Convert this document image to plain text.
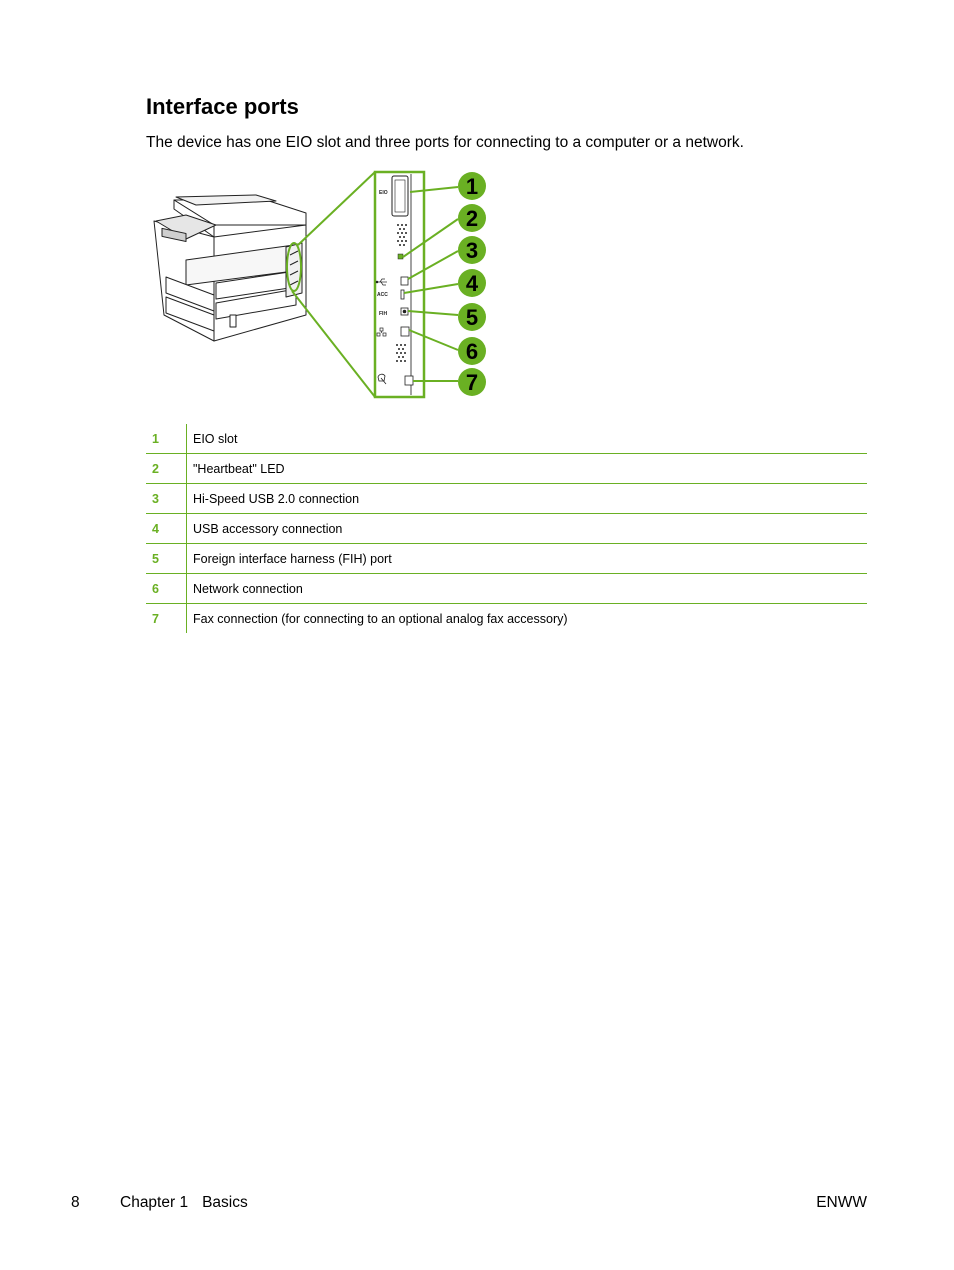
Interface ports

The device has one EIO slot and three ports for connecting to a computer or a network.

EIO
ACC
FIH
1
2
3
4
5
6
7
1	EIO slot
2	"Heartbeat" LED
3	Hi-Speed USB 2.0 connection
4	USB accessory connection
5	Foreign interface harness (FIH) port
6	Network connection
7	Fax connection (for connecting to an optional analog fax accessory)
8	Chapter 1 Basics	ENWW
